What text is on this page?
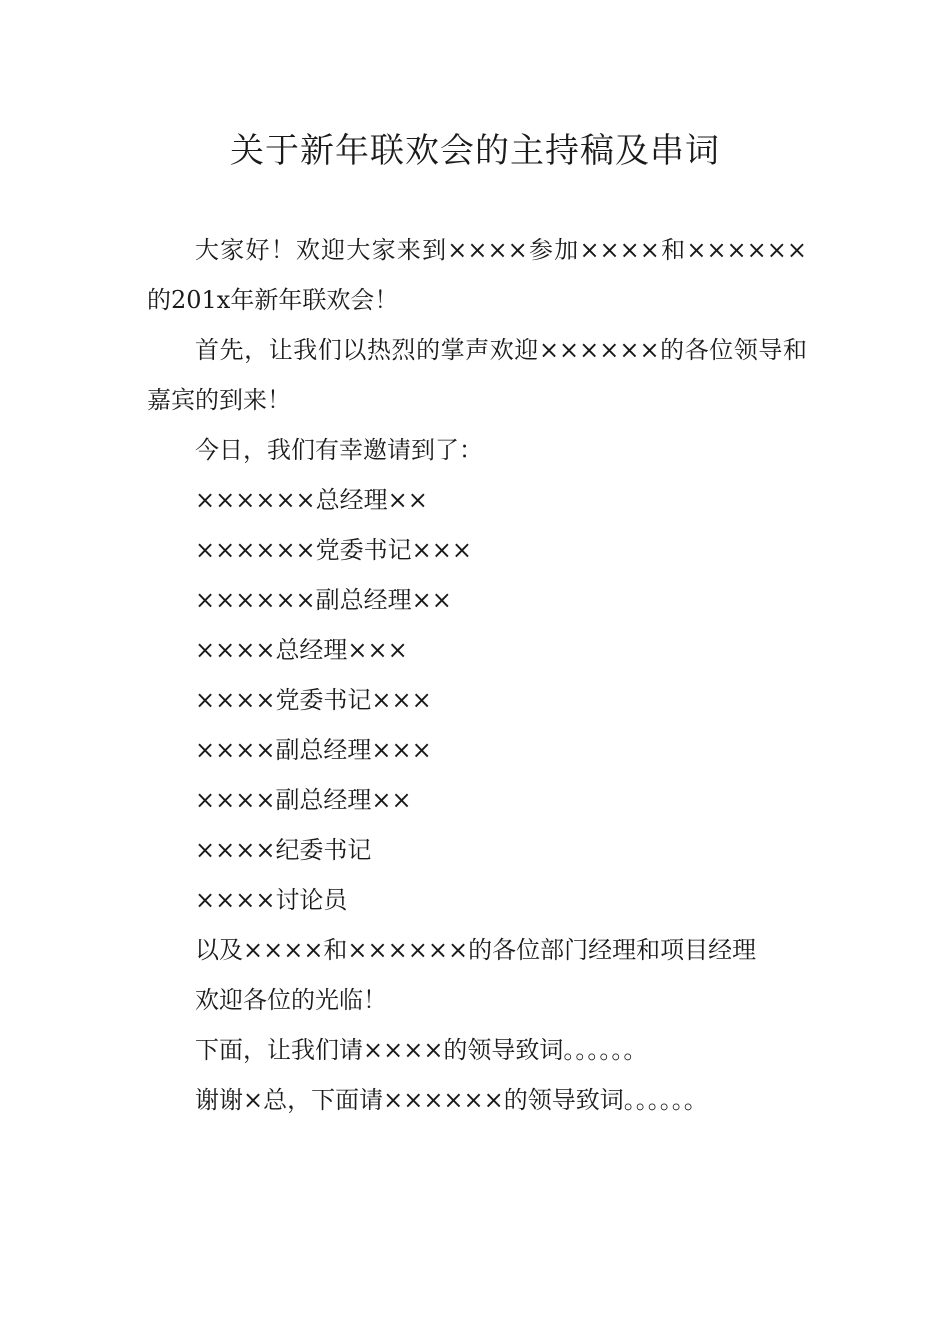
关于新年联欢会的主持稿及串词

大家好！欢迎大家来到××××参加××××和××××××的201x年新年联欢会！

首先，让我们以热烈的掌声欢迎××××××的各位领导和嘉宾的到来！

今日，我们有幸邀请到了：

××××××总经理××

××××××党委书记×××

××××××副总经理××

××××总经理×××

××××党委书记×××

××××副总经理×××

××××副总经理××

××××纪委书记

××××讨论员

以及××××和××××××的各位部门经理和项目经理

欢迎各位的光临！

下面，让我们请××××的领导致词。。。。。。

谢谢×总，下面请××××××的领导致词。。。。。。
